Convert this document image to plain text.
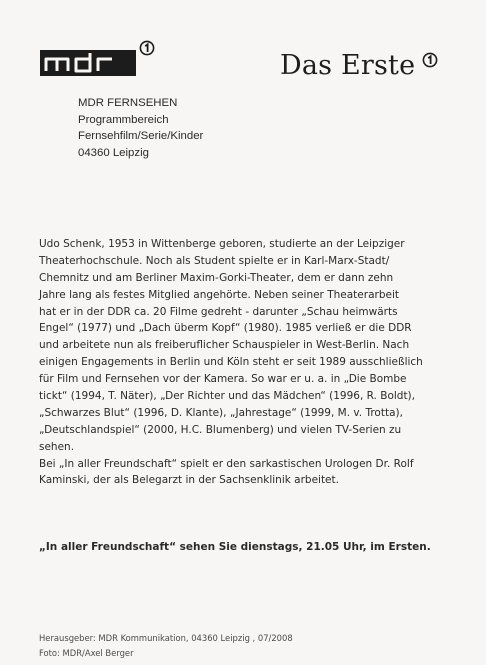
Das Erste
MDR FERNSEHEN
Programmbereich
Fernsehfilm/Serie/Kinder
04360 Leipzig
Udo Schenk, 1953 in Wittenberge geboren, studierte an der Leipziger
Theaterhochschule. Noch als Student spielte er in Karl-Marx-Stadt/
Chemnitz und am Berliner Maxim-Gorki-Theater, dem er dann zehn
Jahre lang als festes Mitglied angehörte. Neben seiner Theaterarbeit
hat er in der DDR ca. 20 Filme gedreht - darunter „Schau heimwärts
Engel“ (1977) und „Dach überm Kopf“ (1980). 1985 verließ er die DDR
und arbeitete nun als freiberuflicher Schauspieler in West-Berlin. Nach
einigen Engagements in Berlin und Köln steht er seit 1989 ausschließlich
für Film und Fernsehen vor der Kamera. So war er u. a. in „Die Bombe
tickt“ (1994, T. Näter), „Der Richter und das Mädchen“ (1996, R. Boldt),
„Schwarzes Blut“ (1996, D. Klante), „Jahrestage“ (1999, M. v. Trotta),
„Deutschlandspiel“ (2000, H.C. Blumenberg) und vielen TV-Serien zu
sehen.
Bei „In aller Freundschaft“ spielt er den sarkastischen Urologen Dr. Rolf
Kaminski, der als Belegarzt in der Sachsenklinik arbeitet.
„In aller Freundschaft“ sehen Sie dienstags, 21.05 Uhr, im Ersten.
Herausgeber: MDR Kommunikation, 04360 Leipzig , 07/2008
Foto: MDR/Axel Berger
